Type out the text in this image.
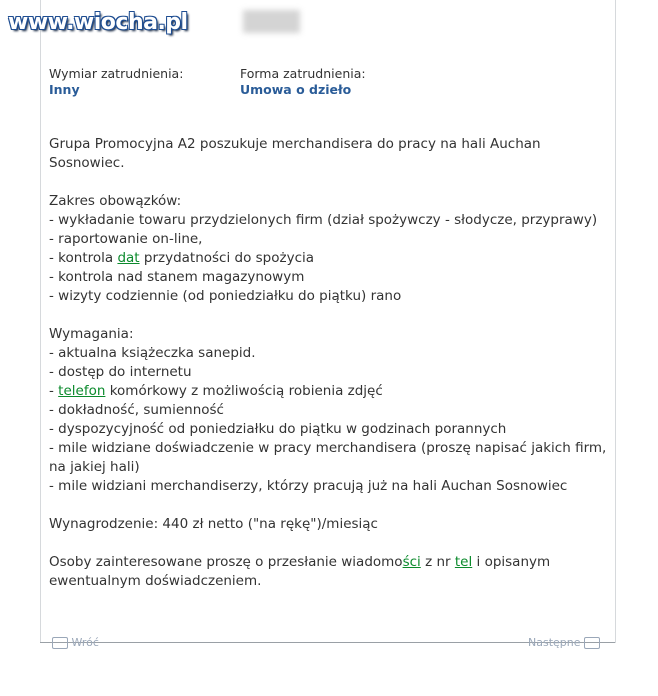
www.wiocha.pl
Wymiar zatrudnienia:
Inny
Forma zatrudnienia:
Umowa o dzieło
Grupa Promocyjna A2 poszukuje merchandisera do pracy na hali Auchan
Sosnowiec.
Zakres obowązków:
- wykładanie towaru przydzielonych firm (dział spożywczy - słodycze, przyprawy)
- raportowanie on-line,
- kontrola dat przydatności do spożycia
- kontrola nad stanem magazynowym
- wizyty codziennie (od poniedziałku do piątku) rano
Wymagania:
- aktualna książeczka sanepid.
- dostęp do internetu
- telefon komórkowy z możliwością robienia zdjęć
- dokładność, sumienność
- dyspozycyjność od poniedziałku do piątku w godzinach porannych
- mile widziane doświadczenie w pracy merchandisera (proszę napisać jakich firm, na jakiej hali)
- mile widziani merchandiserzy, którzy pracują już na hali Auchan Sosnowiec
Wynagrodzenie: 440 zł netto ("na rękę")/miesiąc
Osoby zainteresowane proszę o przesłanie wiadomości z nr tel i opisanym
ewentualnym doświadczeniem.
Wróć	Następne
